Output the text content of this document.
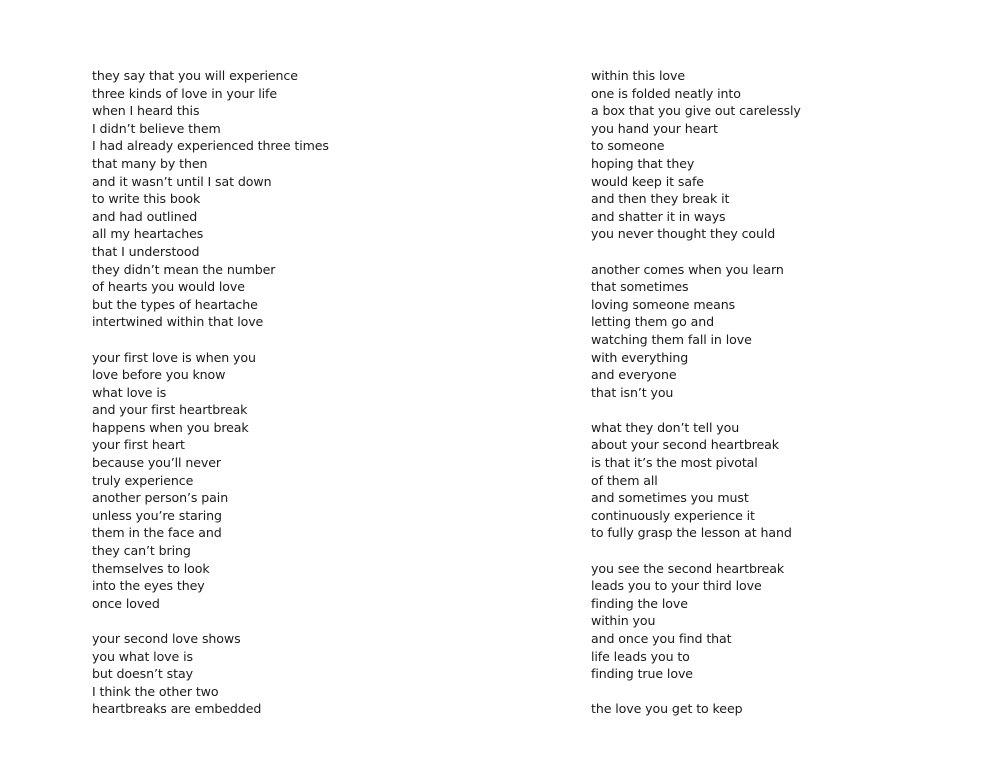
they say that you will experience
three kinds of love in your life
when I heard this
I didn’t believe them
I had already experienced three times
that many by then
and it wasn’t until I sat down
to write this book
and had outlined
all my heartaches
that I understood
they didn’t mean the number
of hearts you would love
but the types of heartache
intertwined within that love
your first love is when you
love before you know
what love is
and your first heartbreak
happens when you break
your first heart
because you’ll never
truly experience
another person’s pain
unless you’re staring
them in the face and
they can’t bring
themselves to look
into the eyes they
once loved
your second love shows
you what love is
but doesn’t stay
I think the other two
heartbreaks are embedded
within this love
one is folded neatly into
a box that you give out carelessly
you hand your heart
to someone
hoping that they
would keep it safe
and then they break it
and shatter it in ways
you never thought they could
another comes when you learn
that sometimes
loving someone means
letting them go and
watching them fall in love
with everything
and everyone
that isn’t you
what they don’t tell you
about your second heartbreak
is that it’s the most pivotal
of them all
and sometimes you must
continuously experience it
to fully grasp the lesson at hand
you see the second heartbreak
leads you to your third love
finding the love
within you
and once you find that
life leads you to
finding true love
the love you get to keep
